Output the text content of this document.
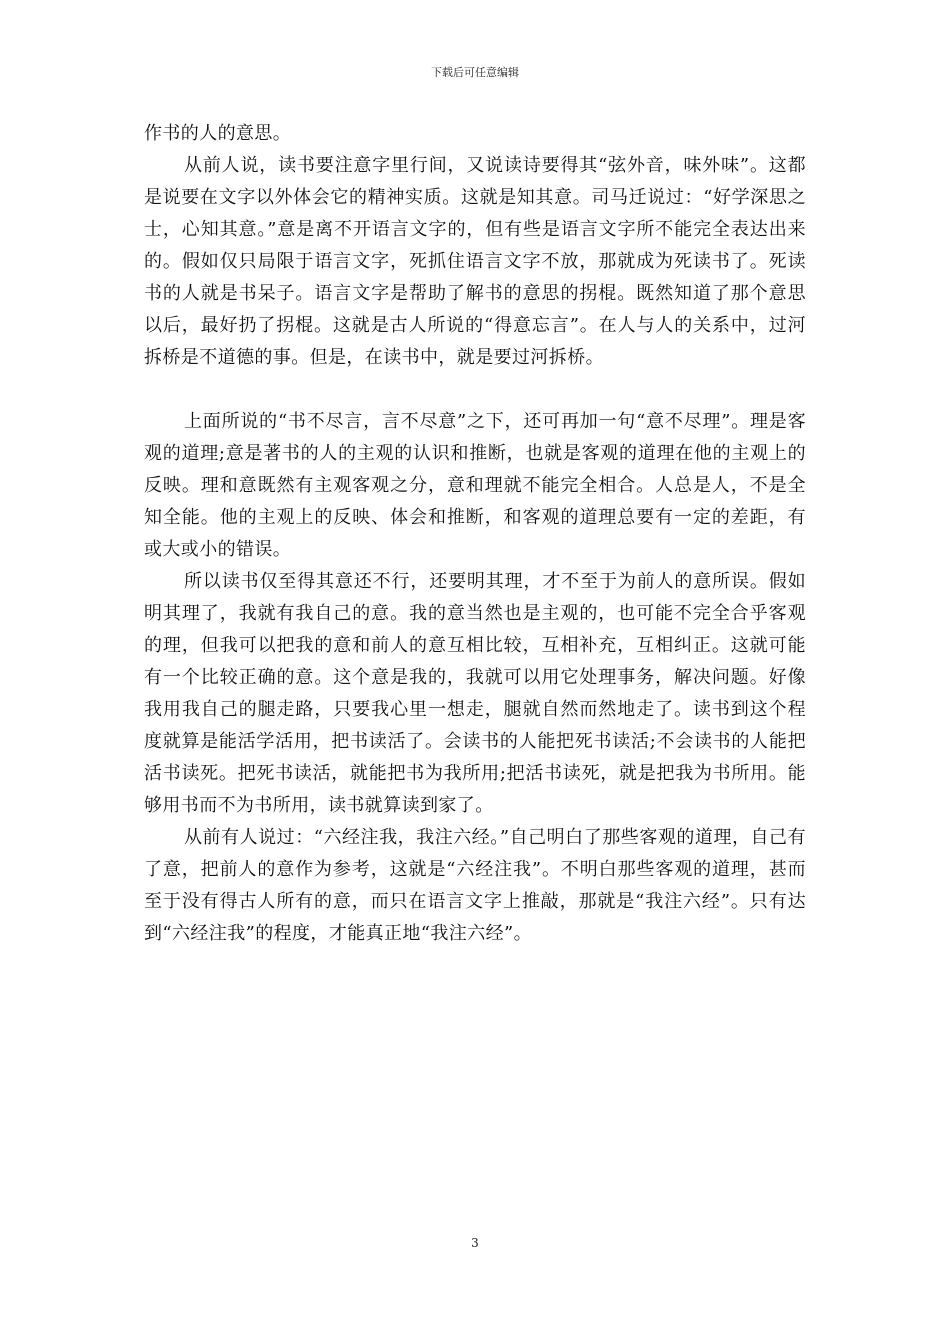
下载后可任意编辑

作书的人的意思。

从前人说，读书要注意字里行间，又说读诗要得其“弦外音，味外味”。这都是说要在文字以外体会它的精神实质。这就是知其意。司马迁说过：“好学深思之士，心知其意。”意是离不开语言文字的，但有些是语言文字所不能完全表达出来的。假如仅只局限于语言文字，死抓住语言文字不放，那就成为死读书了。死读书的人就是书呆子。语言文字是帮助了解书的意思的拐棍。既然知道了那个意思以后，最好扔了拐棍。这就是古人所说的“得意忘言”。在人与人的关系中，过河拆桥是不道德的事。但是，在读书中，就是要过河拆桥。

上面所说的“书不尽言，言不尽意”之下，还可再加一句“意不尽理”。理是客观的道理;意是著书的人的主观的认识和推断，也就是客观的道理在他的主观上的反映。理和意既然有主观客观之分，意和理就不能完全相合。人总是人，不是全知全能。他的主观上的反映、体会和推断，和客观的道理总要有一定的差距，有或大或小的错误。

所以读书仅至得其意还不行，还要明其理，才不至于为前人的意所误。假如明其理了，我就有我自己的意。我的意当然也是主观的，也可能不完全合乎客观的理，但我可以把我的意和前人的意互相比较，互相补充，互相纠正。这就可能有一个比较正确的意。这个意是我的，我就可以用它处理事务，解决问题。好像我用我自己的腿走路，只要我心里一想走，腿就自然而然地走了。读书到这个程度就算是能活学活用，把书读活了。会读书的人能把死书读活;不会读书的人能把活书读死。把死书读活，就能把书为我所用;把活书读死，就是把我为书所用。能够用书而不为书所用，读书就算读到家了。

从前有人说过：“六经注我，我注六经。”自己明白了那些客观的道理，自己有了意，把前人的意作为参考，这就是“六经注我”。不明白那些客观的道理，甚而至于没有得古人所有的意，而只在语言文字上推敲，那就是“我注六经”。只有达到“六经注我”的程度，才能真正地“我注六经”。

3
